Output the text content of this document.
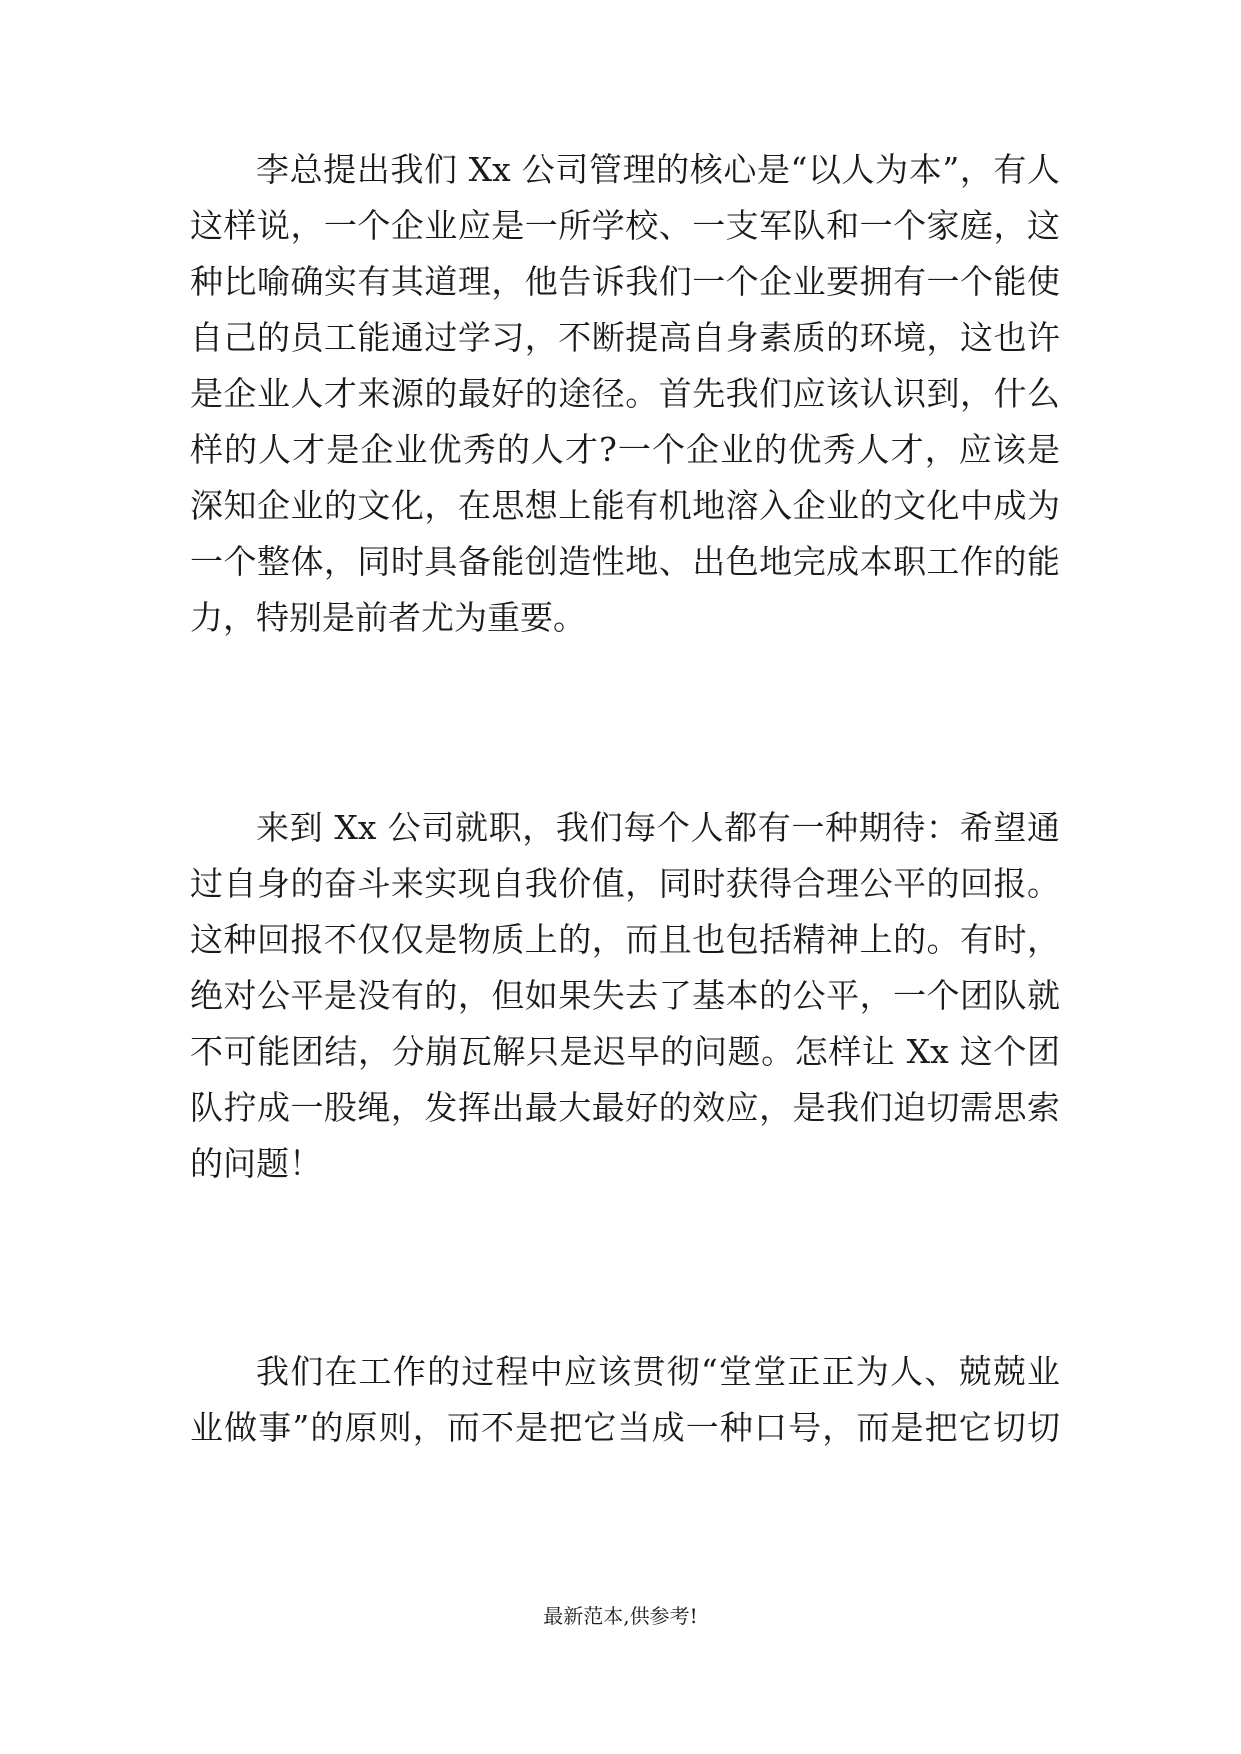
李总提出我们 Xx 公司管理的核心是“以人为本”，有人
这样说，一个企业应是一所学校、一支军队和一个家庭，这
种比喻确实有其道理，他告诉我们一个企业要拥有一个能使
自己的员工能通过学习，不断提高自身素质的环境，这也许
是企业人才来源的最好的途径。首先我们应该认识到，什么
样的人才是企业优秀的人才?一个企业的优秀人才，应该是
深知企业的文化，在思想上能有机地溶入企业的文化中成为
一个整体，同时具备能创造性地、出色地完成本职工作的能
力，特别是前者尤为重要。
来到 Xx 公司就职，我们每个人都有一种期待：希望通
过自身的奋斗来实现自我价值，同时获得合理公平的回报。
这种回报不仅仅是物质上的，而且也包括精神上的。有时，
绝对公平是没有的，但如果失去了基本的公平，一个团队就
不可能团结，分崩瓦解只是迟早的问题。怎样让 Xx 这个团
队拧成一股绳，发挥出最大最好的效应，是我们迫切需思索
的问题！
我们在工作的过程中应该贯彻“堂堂正正为人、兢兢业
业做事”的原则，而不是把它当成一种口号，而是把它切切
最新范本,供参考!
